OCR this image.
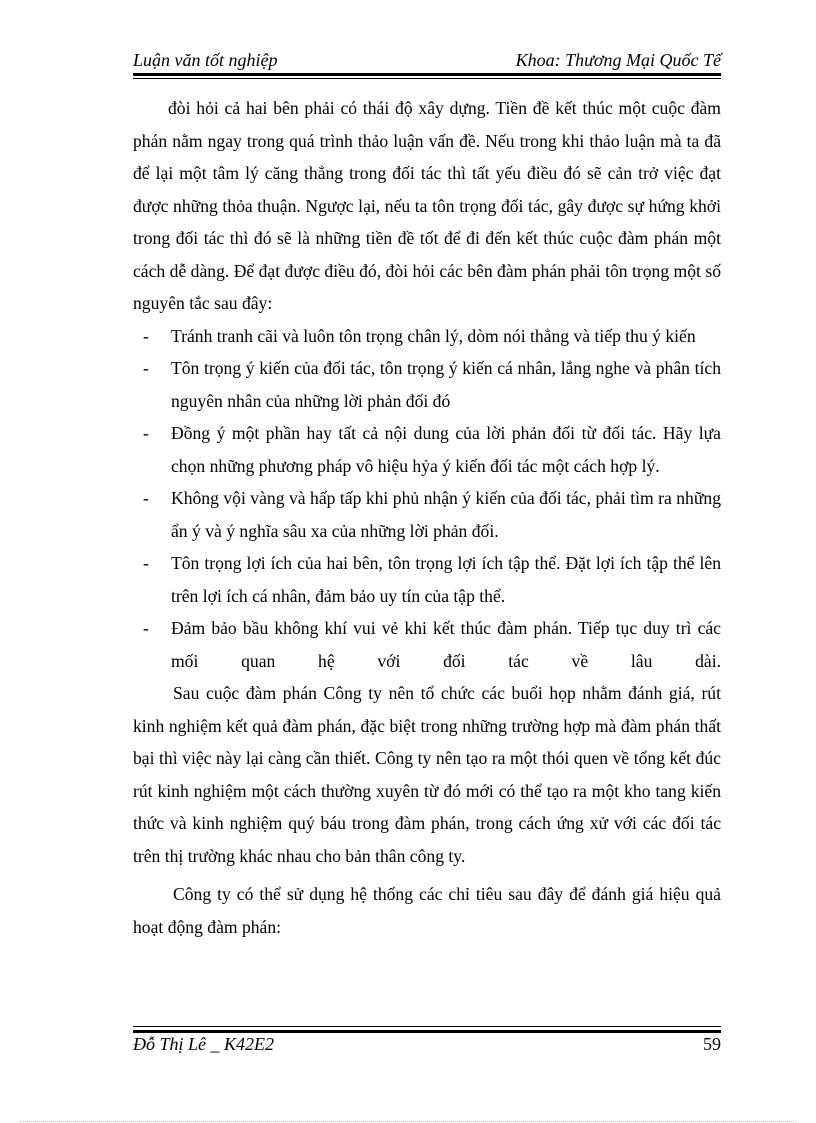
Luận văn tốt nghiệp	Khoa: Thương Mại Quốc Tế

đòi hỏi cả hai bên phải có thái độ xây dựng. Tiền đề kết thúc một cuộc đàm phán nằm ngay trong quá trình thảo luận vấn đề. Nếu trong khi thảo luận mà ta đã để lại một tâm lý căng thẳng trong đối tác thì tất yếu điều đó sẽ cản trở việc đạt được những thỏa thuận. Ngược lại, nếu ta tôn trọng đối tác, gây được sự hứng khởi trong đối tác thì đó sẽ là những tiền đề tốt để đi đến kết thúc cuộc đàm phán một cách dễ dàng. Để đạt được điều đó, đòi hỏi các bên đàm phán phải tôn trọng một số nguyên tắc sau đây:

- Tránh tranh cãi và luôn tôn trọng chân lý, dòm nói thẳng và tiếp thu ý kiến
- Tôn trọng ý kiến của đối tác, tôn trọng ý kiến cá nhân, lắng nghe và phân tích nguyên nhân của những lời phản đối đó
- Đồng ý một phần hay tất cả nội dung của lời phản đối từ đối tác. Hãy lựa chọn những phương pháp vô hiệu hỷa ý kiến đối tác một cách hợp lý.
- Không vội vàng và hấp tấp khi phủ nhận ý kiến của đối tác, phải tìm ra những ẩn ý và ý nghĩa sâu xa của những lời phản đối.
- Tôn trọng lợi ích của hai bên, tôn trọng lợi ích tập thể. Đặt lợi ích tập thể lên trên lợi ích cá nhân, đảm bảo uy tín của tập thể.
- Đảm bảo bầu không khí vui vẻ khi kết thúc đàm phán. Tiếp tục duy trì các mối quan hệ với đối tác về lâu dài.

Sau cuộc đàm phán Công ty nên tổ chức các buổi họp nhằm đánh giá, rút kinh nghiệm kết quả đàm phán, đặc biệt trong những trường hợp mà đàm phán thất bại thì việc này lại càng cần thiết. Công ty nên tạo ra một thói quen về tổng kết đúc rút kinh nghiệm một cách thường xuyên từ đó mới có thể tạo ra một kho tang kiến thức và kinh nghiệm quý báu trong đàm phán, trong cách ứng xử với các đối tác trên thị trường khác nhau cho bản thân công ty.

Công ty có thể sử dụng hệ thống các chỉ tiêu sau đây để đánh giá hiệu quả hoạt động đàm phán:

Đỗ Thị Lê _ K42E2	59
